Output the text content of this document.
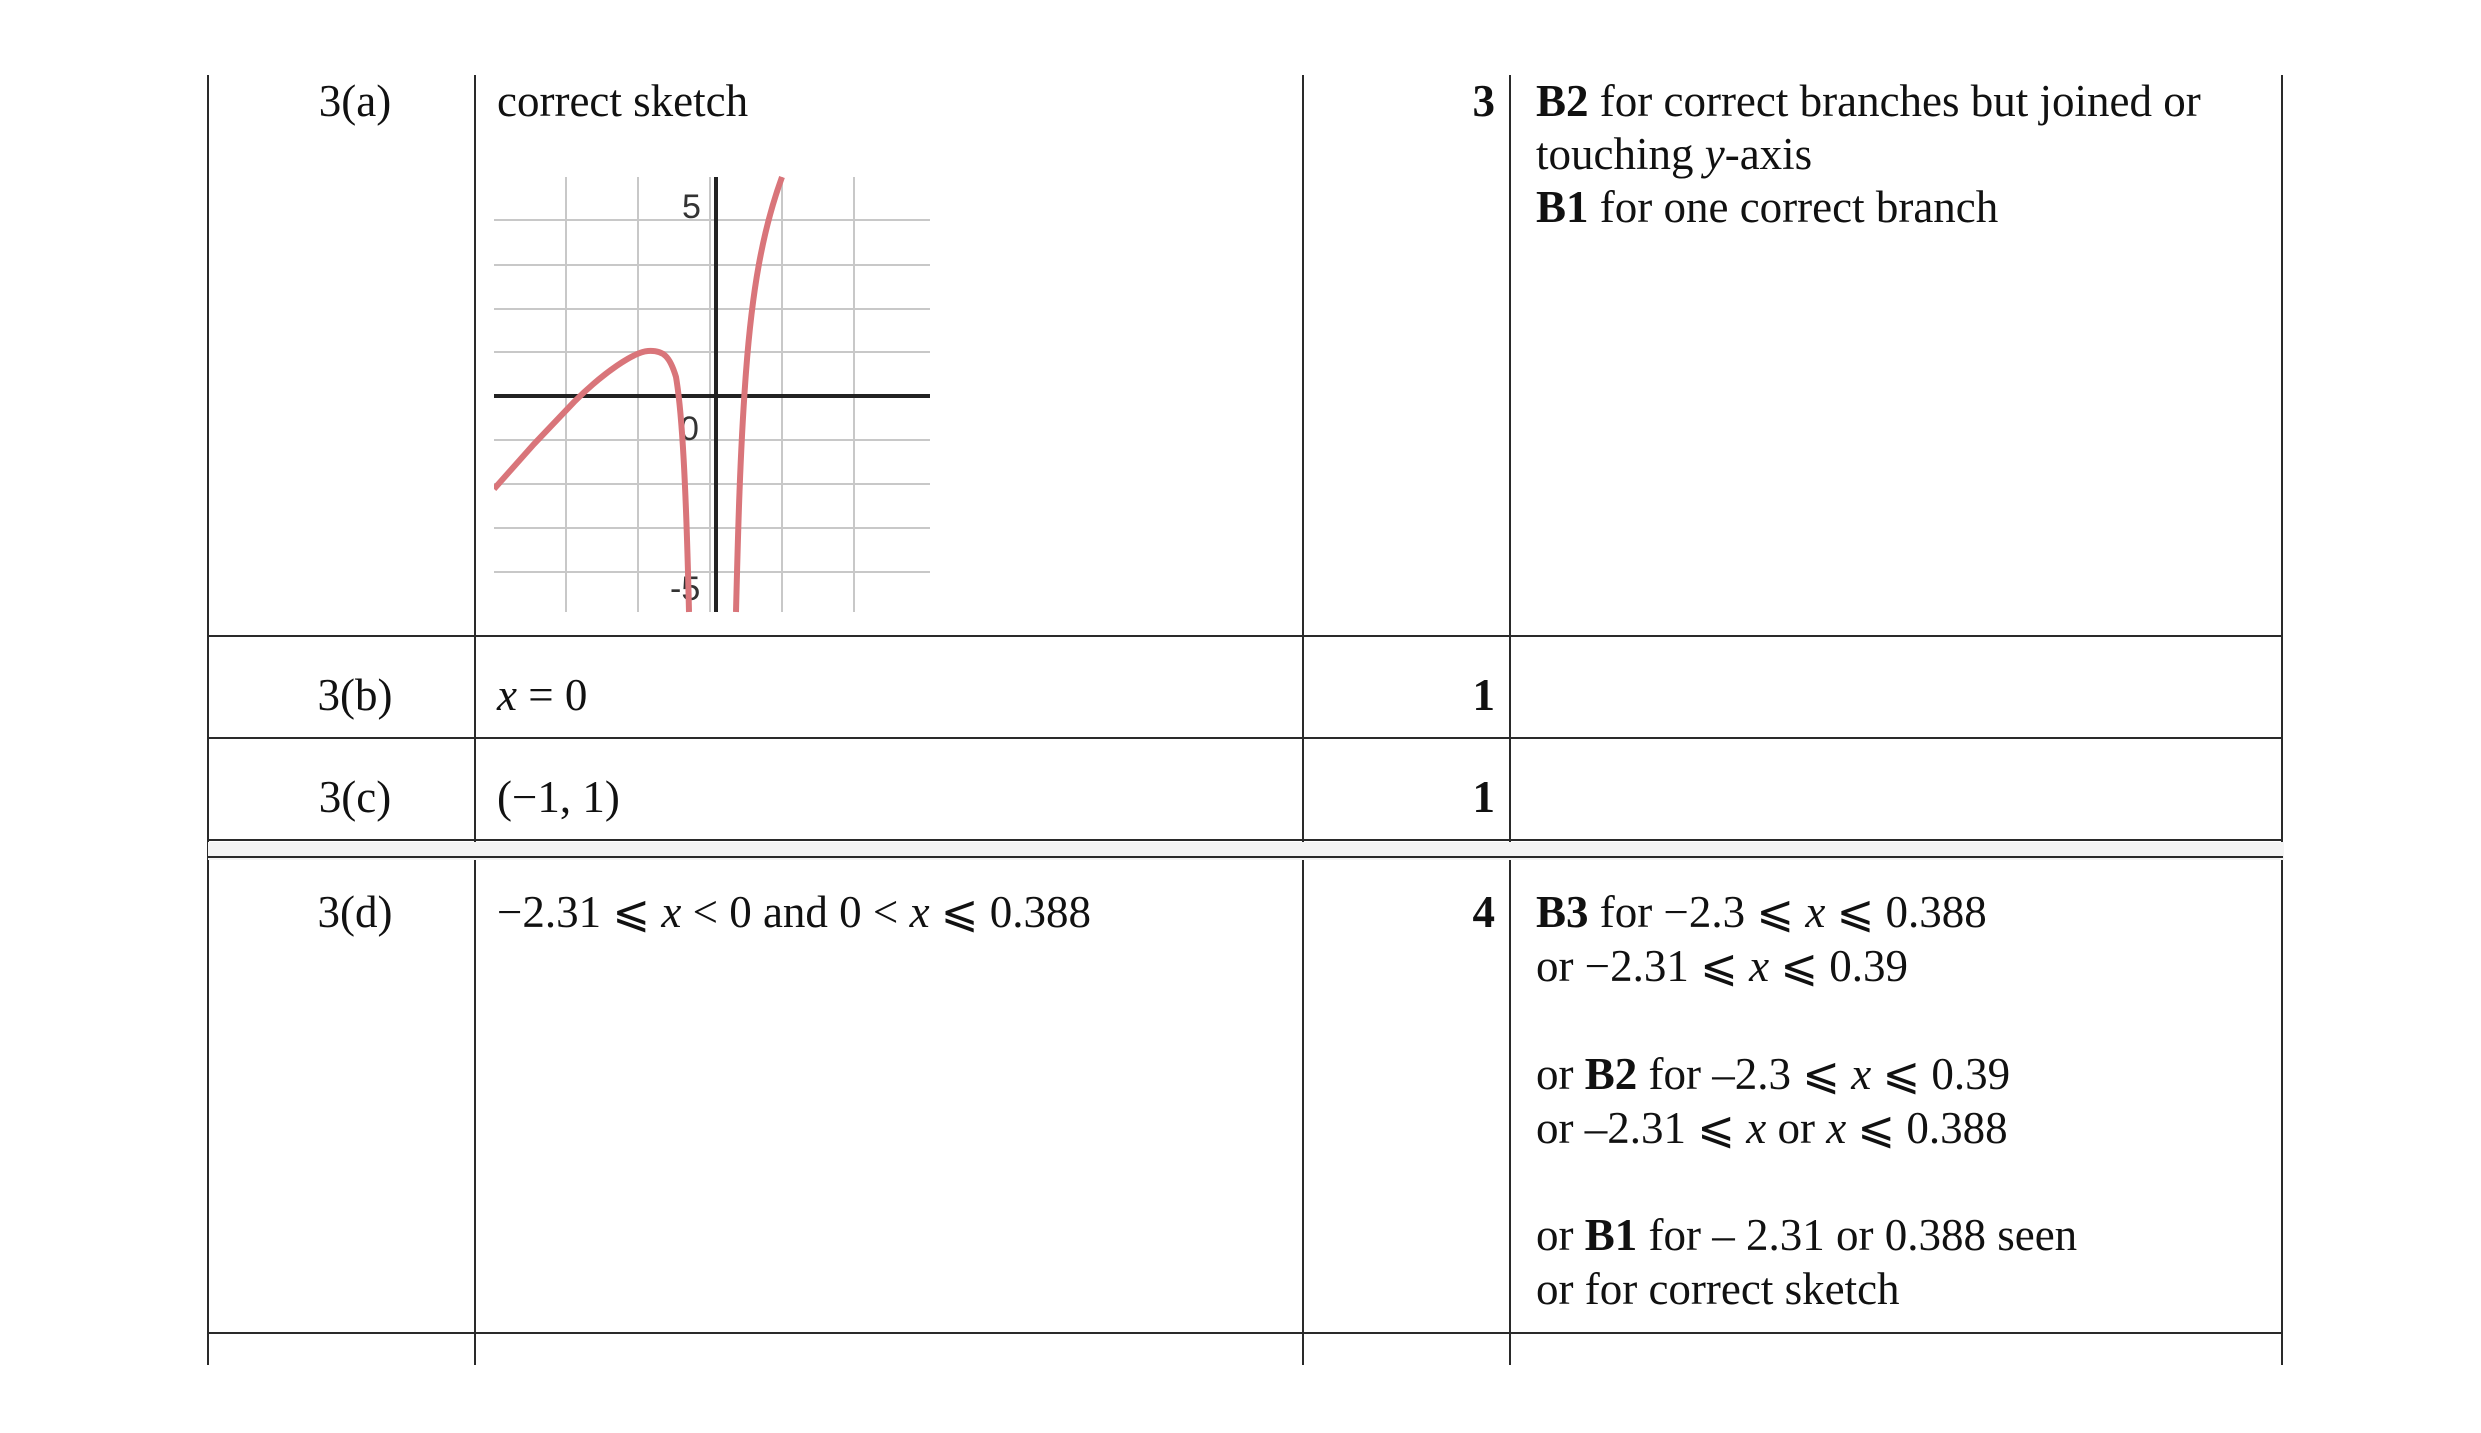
3(a)	correct sketch	3 B2 for correct branches but joined or
touching y-axis
B1 for one correct branch
5
0
-5
3(b)	x = 0	1
3(c)	(−1, 1)	1
3(d)	−2.31 ⩽ x < 0 and 0 < x ⩽ 0.388	4 B3 for −2.3 ⩽ x ⩽ 0.388
or −2.31 ⩽ x ⩽ 0.39
or B2 for –2.3 ⩽ x ⩽ 0.39
or –2.31 ⩽ x or x ⩽ 0.388
or B1 for – 2.31 or 0.388 seen
or for correct sketch
